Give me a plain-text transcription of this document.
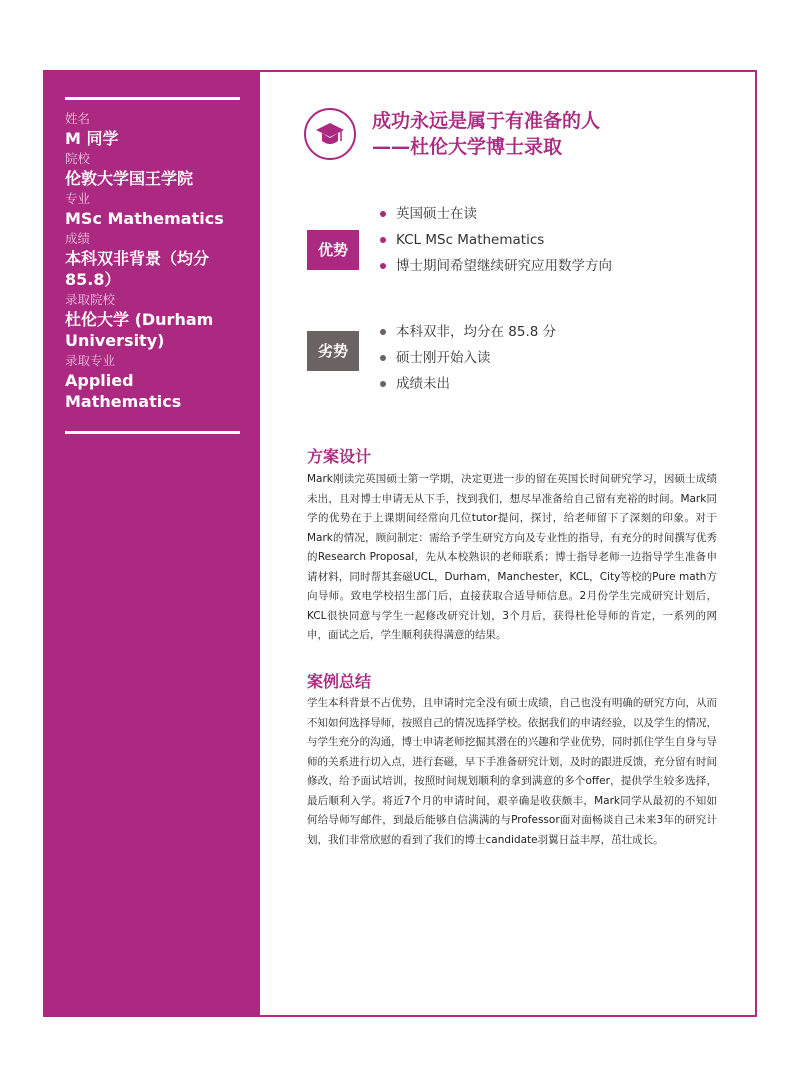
姓名
M 同学
院校
伦敦大学国王学院
专业
MSc Mathematics
成绩
本科双非背景（均分85.8）
录取院校
杜伦大学 (Durham University)
录取专业
Applied Mathematics
成功永远是属于有准备的人
——杜伦大学博士录取
优势
英国硕士在读
KCL MSc Mathematics
博士期间希望继续研究应用数学方向
劣势
本科双非，均分在 85.8 分
硕士刚开始入读
成绩未出
方案设计
Mark刚读完英国硕士第一学期，决定更进一步的留在英国长时间研究学习，因硕士成绩未出，且对博士申请无从下手，找到我们，想尽早准备给自己留有充裕的时间。Mark同学的优势在于上课期间经常向几位tutor提问，探讨，给老师留下了深刻的印象。对于Mark的情况，顾问制定：需给予学生研究方向及专业性的指导，有充分的时间撰写优秀的Research Proposal，先从本校熟识的老师联系；博士指导老师一边指导学生准备申请材料，同时帮其套磁UCL，Durham，Manchester，KCL，City等校的Pure math方向导师。致电学校招生部门后，直接获取合适导师信息。2月份学生完成研究计划后，KCL很快同意与学生一起修改研究计划，3个月后，获得杜伦导师的肯定，一系列的网申，面试之后，学生顺利获得满意的结果。
案例总结
学生本科背景不占优势，且申请时完全没有硕士成绩，自己也没有明确的研究方向，从而不知如何选择导师，按照自己的情况选择学校。依据我们的申请经验，以及学生的情况，与学生充分的沟通，博士申请老师挖掘其潜在的兴趣和学业优势，同时抓住学生自身与导师的关系进行切入点，进行套磁，早下手准备研究计划，及时的跟进反馈，充分留有时间修改，给予面试培训，按照时间规划顺利的拿到满意的多个offer，提供学生较多选择，最后顺利入学。将近7个月的申请时间，艰辛确是收获颇丰，Mark同学从最初的不知如何给导师写邮件，到最后能够自信满满的与Professor面对面畅谈自己未来3年的研究计划，我们非常欣慰的看到了我们的博士candidate羽翼日益丰厚，茁壮成长。
